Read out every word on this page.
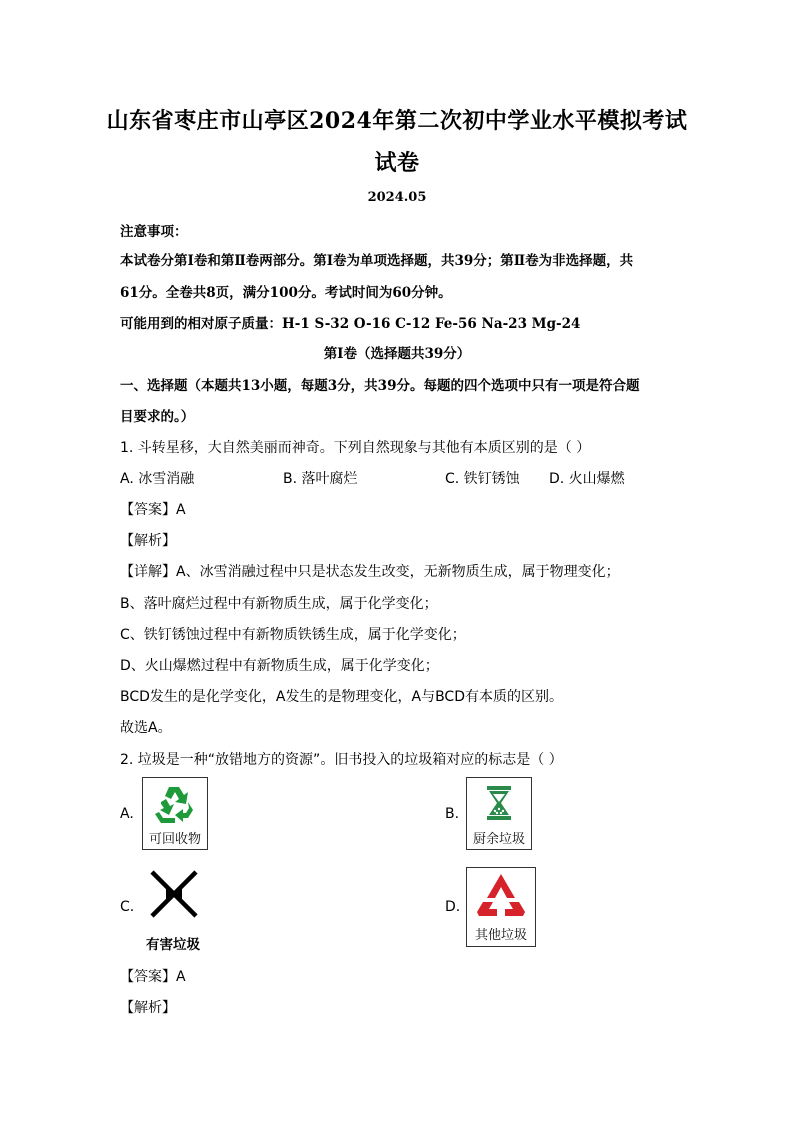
山东省枣庄市山亭区2024年第二次初中学业水平模拟考试
试卷
2024.05
注意事项：
本试卷分第Ⅰ卷和第Ⅱ卷两部分。第Ⅰ卷为单项选择题，共39分；第Ⅱ卷为非选择题，共
61分。全卷共8页，满分100分。考试时间为60分钟。
可能用到的相对原子质量：H-1 S-32 O-16 C-12 Fe-56 Na-23 Mg-24
第Ⅰ卷（选择题共39分）
一、选择题（本题共13小题，每题3分，共39分。每题的四个选项中只有一项是符合题
目要求的。）
1. 斗转星移，大自然美丽而神奇。下列自然现象与其他有本质区别的是（ ）
A. 冰雪消融	B. 落叶腐烂	C. 铁钉锈蚀 D. 火山爆燃
【答案】A
【解析】
【详解】A、冰雪消融过程中只是状态发生改变，无新物质生成，属于物理变化；
B、落叶腐烂过程中有新物质生成，属于化学变化；
C、铁钉锈蚀过程中有新物质铁锈生成，属于化学变化；
D、火山爆燃过程中有新物质生成，属于化学变化；
BCD发生的是化学变化，A发生的是物理变化，A与BCD有本质的区别。
故选A。
2. 垃圾是一种“放错地方的资源”。旧书投入的垃圾箱对应的标志是（ ）
A.
可回收物
B.
厨余垃圾
C.
有害垃圾
D.
其他垃圾
【答案】A
【解析】
